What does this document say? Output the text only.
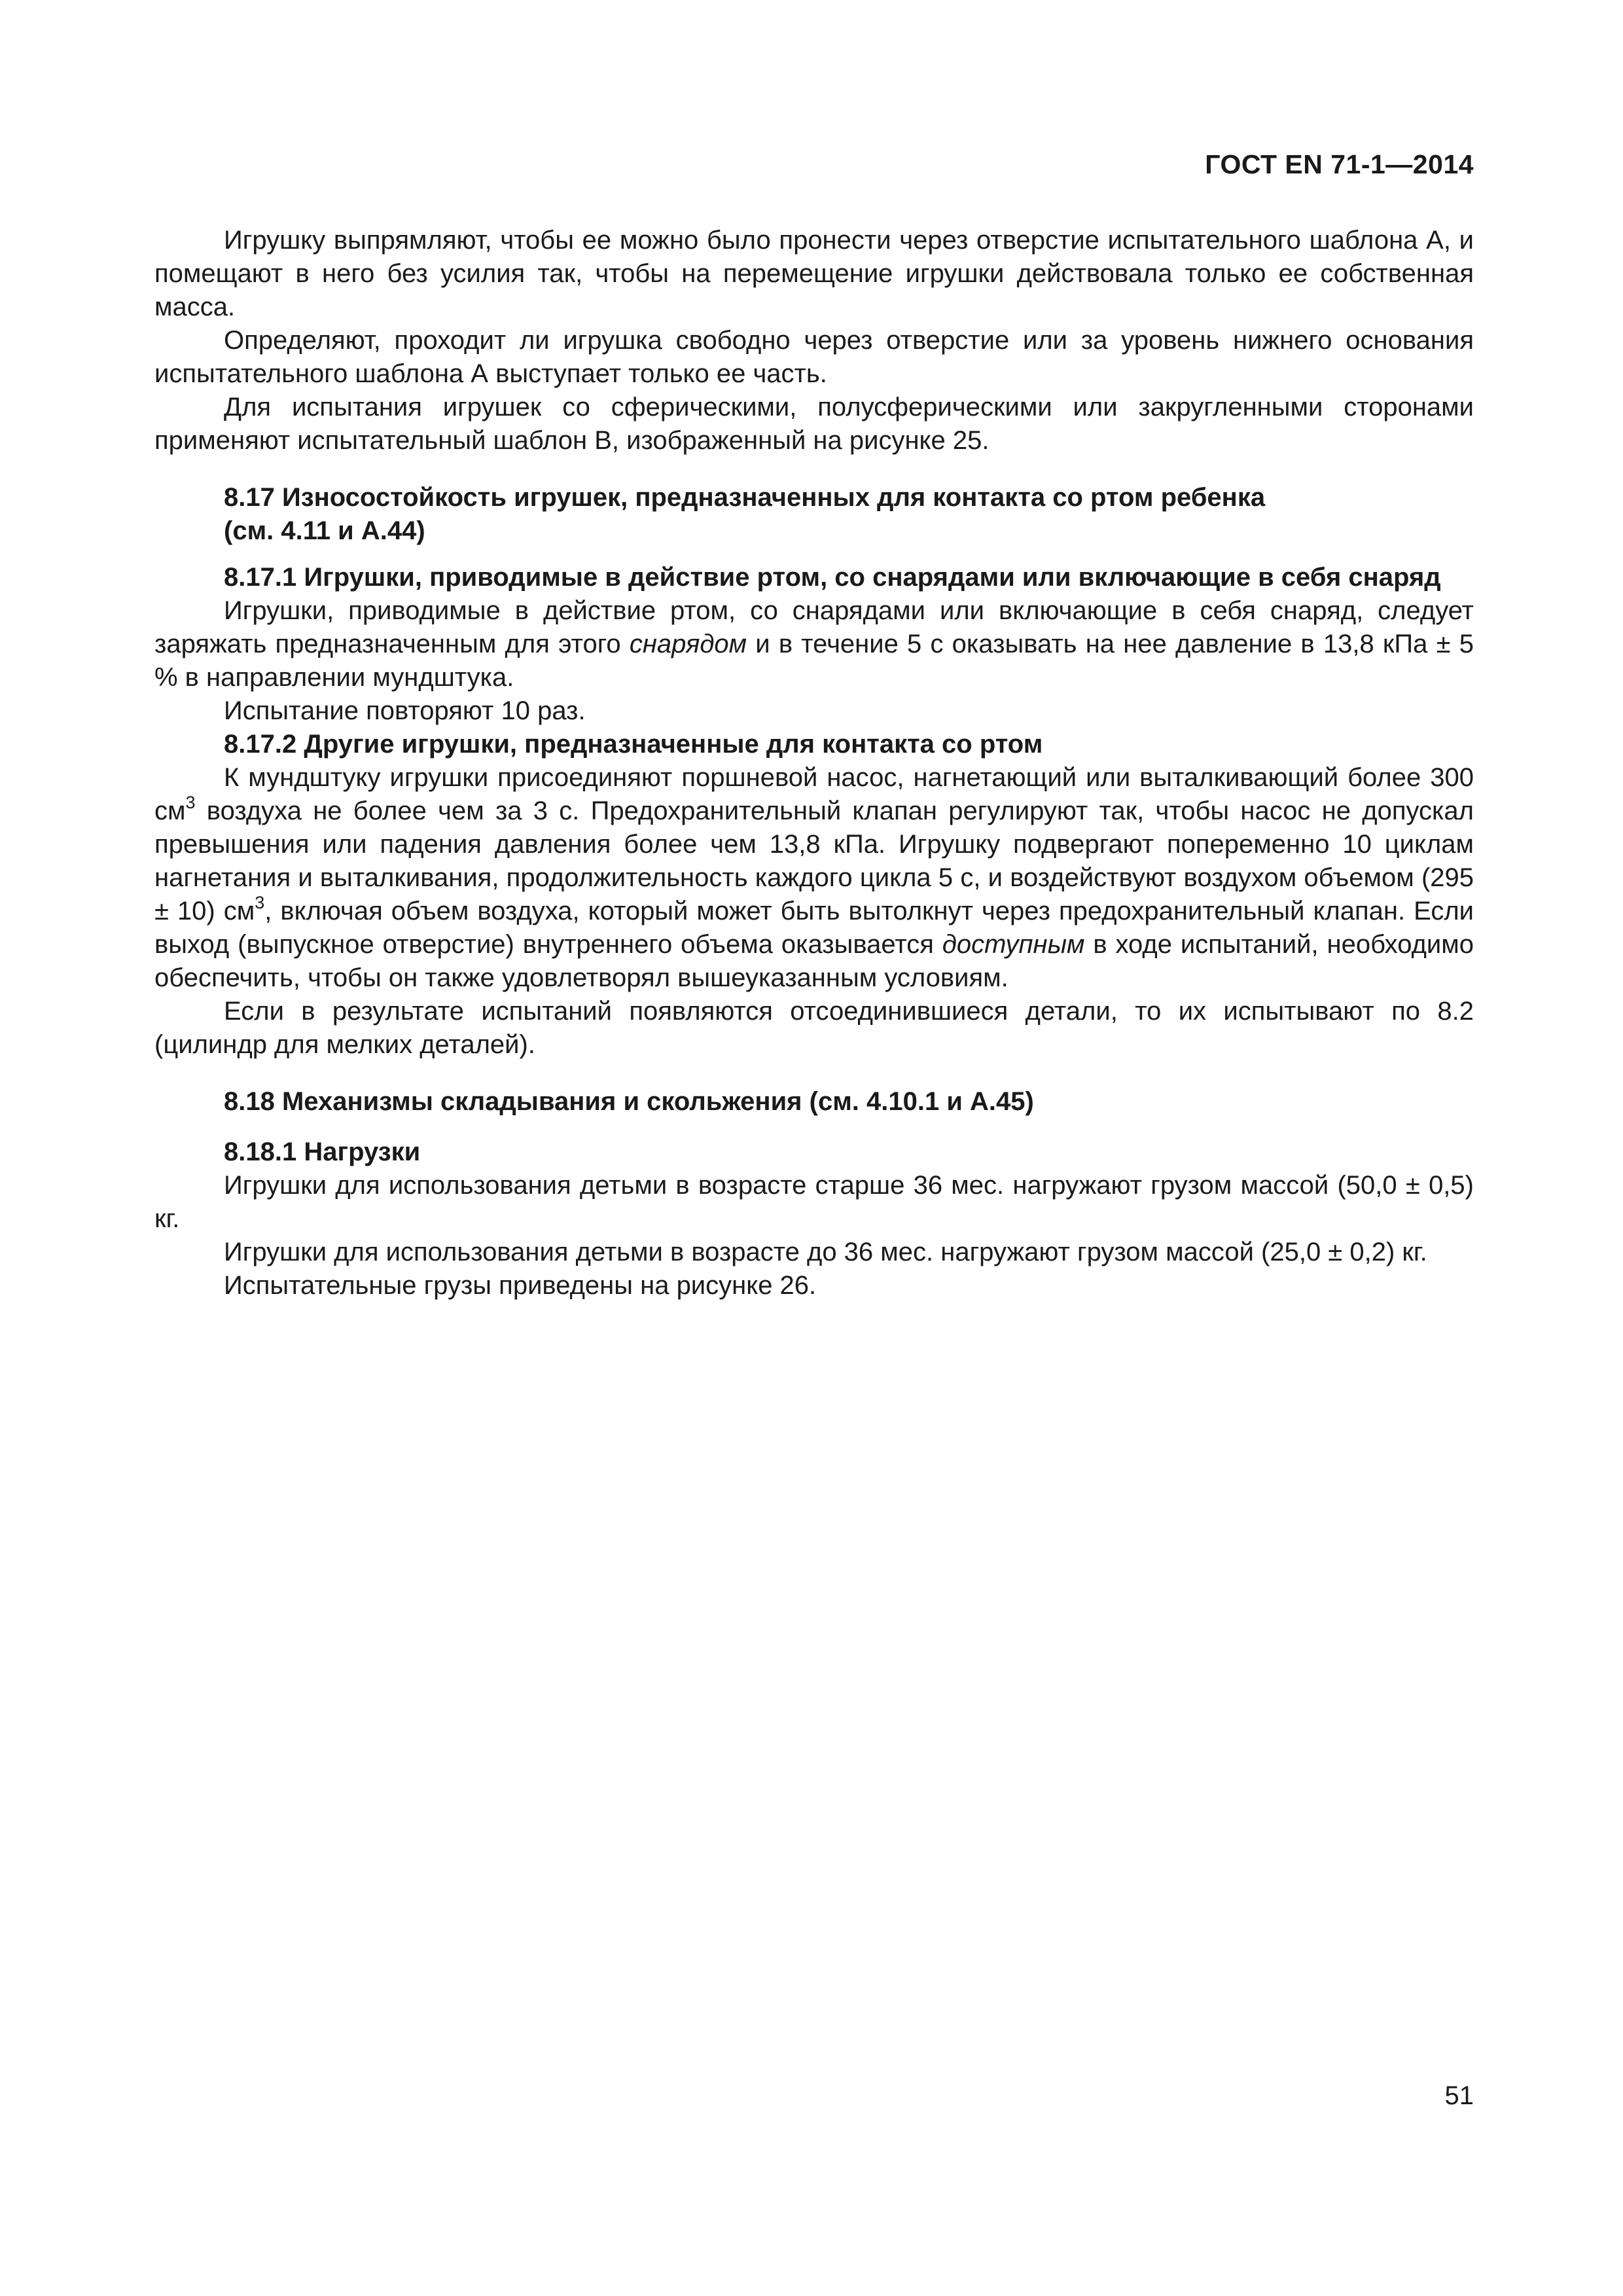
ГОСТ EN 71-1—2014

Игрушку выпрямляют, чтобы ее можно было пронести через отверстие испытательного шаблона А, и помещают в него без усилия так, чтобы на перемещение игрушки действовала только ее собственная масса.

Определяют, проходит ли игрушка свободно через отверстие или за уровень нижнего основания испытательного шаблона А выступает только ее часть.

Для испытания игрушек со сферическими, полусферическими или закругленными сторонами применяют испытательный шаблон В, изображенный на рисунке 25.

8.17 Износостойкость игрушек, предназначенных для контакта со ртом ребенка
(см. 4.11 и А.44)

8.17.1 Игрушки, приводимые в действие ртом, со снарядами или включающие в себя снаряд

Игрушки, приводимые в действие ртом, со снарядами или включающие в себя снаряд, следует заряжать предназначенным для этого снарядом и в течение 5 с оказывать на нее давление в 13,8 кПа ± 5 % в направлении мундштука.

Испытание повторяют 10 раз.

8.17.2 Другие игрушки, предназначенные для контакта со ртом

К мундштуку игрушки присоединяют поршневой насос, нагнетающий или выталкивающий более 300 $см^3$ воздуха не более чем за 3 с. Предохранительный клапан регулируют так, чтобы насос не допускал превышения или падения давления более чем 13,8 кПа. Игрушку подвергают попеременно 10 циклам нагнетания и выталкивания, продолжительность каждого цикла 5 с, и воздействуют воздухом объемом (295 ± 10) $см^3$, включая объем воздуха, который может быть вытолкнут через предохранительный клапан. Если выход (выпускное отверстие) внутреннего объема оказывается доступным в ходе испытаний, необходимо обеспечить, чтобы он также удовлетворял вышеуказанным условиям.

Если в результате испытаний появляются отсоединившиеся детали, то их испытывают по 8.2 (цилиндр для мелких деталей).

8.18 Механизмы складывания и скольжения (см. 4.10.1 и А.45)

8.18.1 Нагрузки

Игрушки для использования детьми в возрасте старше 36 мес. нагружают грузом массой (50,0 ± 0,5) кг.

Игрушки для использования детьми в возрасте до 36 мес. нагружают грузом массой (25,0 ± 0,2) кг.

Испытательные грузы приведены на рисунке 26.

51
